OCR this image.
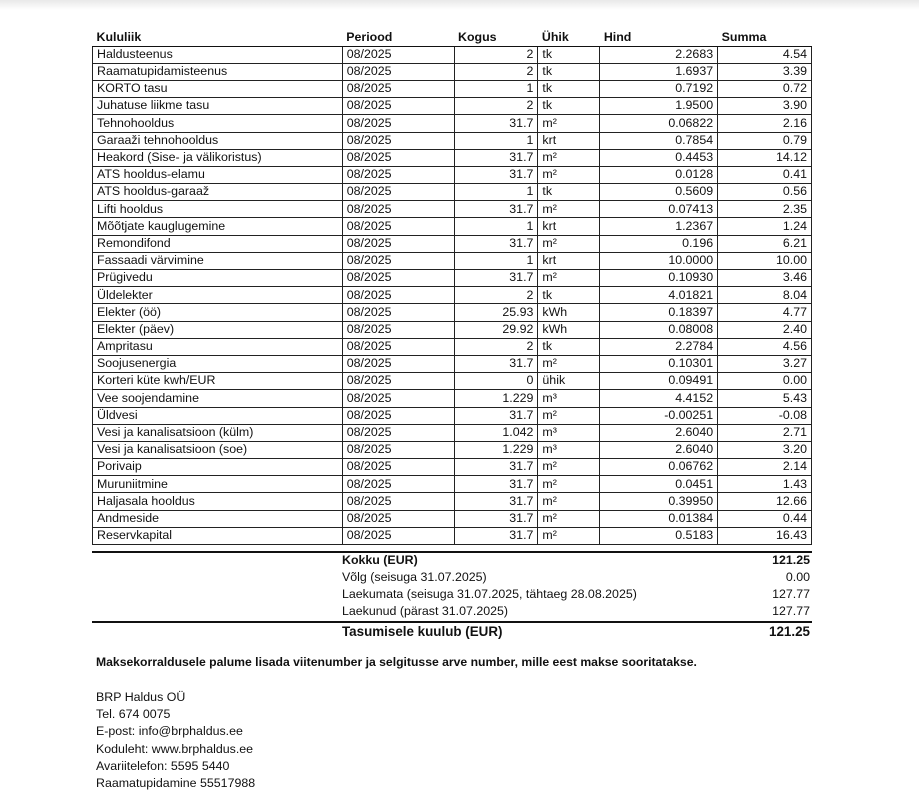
Kululiik	Periood	Kogus	Ühik	Hind	Summa
Haldusteenus	08/2025	2	tk	2.2683	4.54
Raamatupidamisteenus	08/2025	2	tk	1.6937	3.39
KORTO tasu	08/2025	1	tk	0.7192	0.72
Juhatuse liikme tasu	08/2025	2	tk	1.9500	3.90
Tehnohooldus	08/2025	31.7	m²	0.06822	2.16
Garaaži tehnohooldus	08/2025	1	krt	0.7854	0.79
Heakord (Sise- ja välikoristus)	08/2025	31.7	m²	0.4453	14.12
ATS hooldus-elamu	08/2025	31.7	m²	0.0128	0.41
ATS hooldus-garaaž	08/2025	1	tk	0.5609	0.56
Lifti hooldus	08/2025	31.7	m²	0.07413	2.35
Mõõtjate kauglugemine	08/2025	1	krt	1.2367	1.24
Remondifond	08/2025	31.7	m²	0.196	6.21
Fassaadi värvimine	08/2025	1	krt	10.0000	10.00
Prügivedu	08/2025	31.7	m²	0.10930	3.46
Üldelekter	08/2025	2	tk	4.01821	8.04
Elekter (öö)	08/2025	25.93	kWh	0.18397	4.77
Elekter (päev)	08/2025	29.92	kWh	0.08008	2.40
Ampritasu	08/2025	2	tk	2.2784	4.56
Soojusenergia	08/2025	31.7	m²	0.10301	3.27
Korteri küte kwh/EUR	08/2025	0	ühik	0.09491	0.00
Vee soojendamine	08/2025	1.229	m³	4.4152	5.43
Üldvesi	08/2025	31.7	m²	-0.00251	-0.08
Vesi ja kanalisatsioon (külm)	08/2025	1.042	m³	2.6040	2.71
Vesi ja kanalisatsioon (soe)	08/2025	1.229	m³	2.6040	3.20
Porivaip	08/2025	31.7	m²	0.06762	2.14
Muruniitmine	08/2025	31.7	m²	0.0451	1.43
Haljasala hooldus	08/2025	31.7	m²	0.39950	12.66
Andmeside	08/2025	31.7	m²	0.01384	0.44
Reservkapital	08/2025	31.7	m²	0.5183	16.43
Kokku (EUR)	121.25
Võlg (seisuga 31.07.2025)	0.00
Laekumata (seisuga 31.07.2025, tähtaeg 28.08.2025)	127.77
Laekunud (pärast 31.07.2025)	127.77
Tasumisele kuulub (EUR)	121.25
Maksekorraldusele palume lisada viitenumber ja selgitusse arve number, mille eest makse sooritatakse.
BRP Haldus OÜ
Tel. 674 0075
E-post: info@brphaldus.ee
Koduleht: www.brphaldus.ee
Avariitelefon: 5595 5440
Raamatupidamine 55517988
